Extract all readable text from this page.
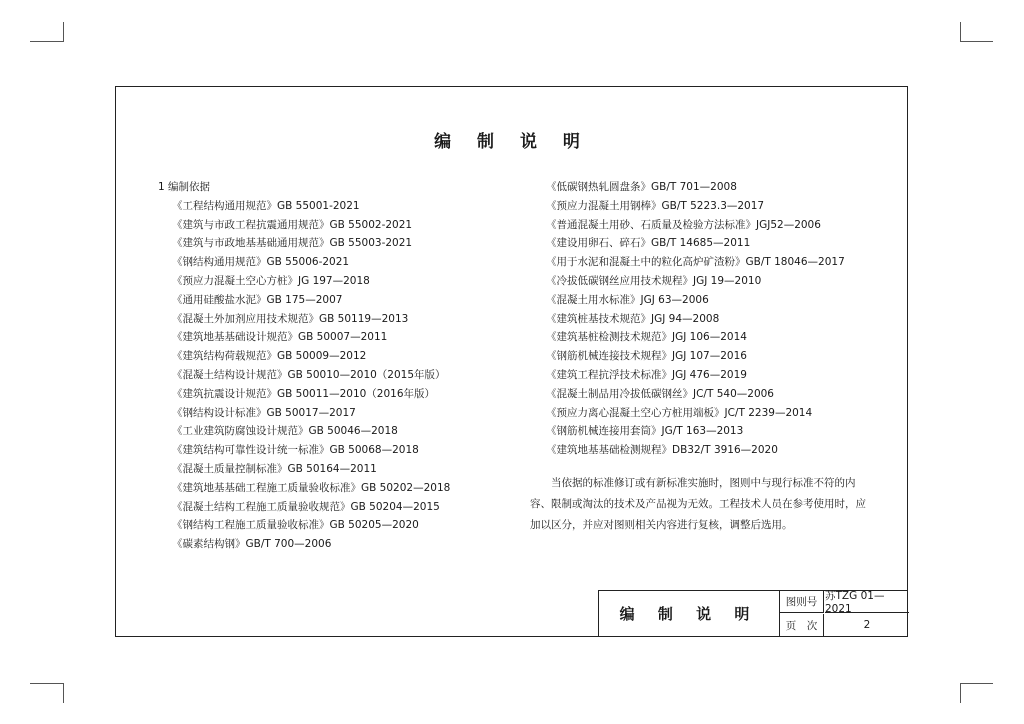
编 制 说 明
1 编制依据
《工程结构通用规范》GB 55001-2021
《建筑与市政工程抗震通用规范》GB 55002-2021
《建筑与市政地基基础通用规范》GB 55003-2021
《钢结构通用规范》GB 55006-2021
《预应力混凝土空心方桩》JG 197—2018
《通用硅酸盐水泥》GB 175—2007
《混凝土外加剂应用技术规范》GB 50119—2013
《建筑地基基础设计规范》GB 50007—2011
《建筑结构荷载规范》GB 50009—2012
《混凝土结构设计规范》GB 50010—2010（2015年版）
《建筑抗震设计规范》GB 50011—2010（2016年版）
《钢结构设计标准》GB 50017—2017
《工业建筑防腐蚀设计规范》GB 50046—2018
《建筑结构可靠性设计统一标准》GB 50068—2018
《混凝土质量控制标准》GB 50164—2011
《建筑地基基础工程施工质量验收标准》GB 50202—2018
《混凝土结构工程施工质量验收规范》GB 50204—2015
《钢结构工程施工质量验收标准》GB 50205—2020
《碳素结构钢》GB/T 700—2006
《低碳钢热轧圆盘条》GB/T 701—2008
《预应力混凝土用钢棒》GB/T 5223.3—2017
《普通混凝土用砂、石质量及检验方法标准》JGJ52—2006
《建设用卵石、碎石》GB/T 14685—2011
《用于水泥和混凝土中的粒化高炉矿渣粉》GB/T 18046—2017
《冷拔低碳钢丝应用技术规程》JGJ 19—2010
《混凝土用水标准》JGJ 63—2006
《建筑桩基技术规范》JGJ 94—2008
《建筑基桩检测技术规范》JGJ 106—2014
《钢筋机械连接技术规程》JGJ 107—2016
《建筑工程抗浮技术标准》JGJ 476—2019
《混凝土制品用冷拔低碳钢丝》JC/T 540—2006
《预应力离心混凝土空心方桩用端板》JC/T 2239—2014
《钢筋机械连接用套筒》JG/T 163—2013
《建筑地基基础检测规程》DB32/T 3916—2020
当依据的标准修订或有新标准实施时，图则中与现行标准不符的内容、限制或淘汰的技术及产品视为无效。工程技术人员在参考使用时，应加以区分，并应对图则相关内容进行复核，调整后选用。
编 制 说 明
图则号 苏TZG 01—2021
页　次	2
